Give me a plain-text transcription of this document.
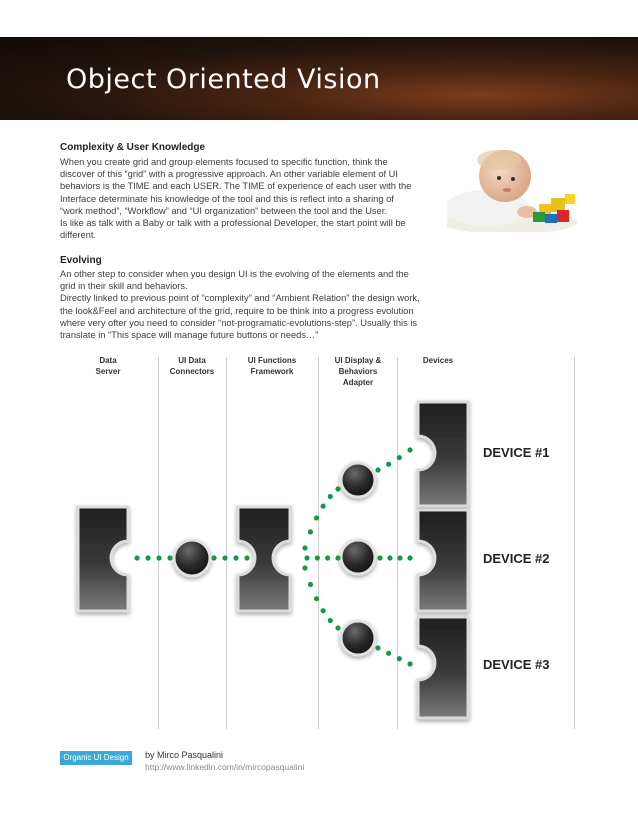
Object Oriented Vision
Complexity & User Knowledge

When you create grid and group elements focused to specific function, think the

discover of this “grid” with a progressive approach. An other variable element of UI

behaviors is the TIME and each USER. The TIME of experience of each user with the

Interface determinate his knowledge of the tool and this is reflect into a sharing of

“work method”, “Workflow” and “UI organization” between the tool and the User.

Is like as talk with a Baby or talk with a professional Developer, the start point will be

different.

Evolving

An other step to consider when you design UI is the evolving of the elements and the

grid in their skill and behaviors.

Directly linked to previous point of “complexity” and “Ambient Relation” the design work,

the look&Feel and architecture of the grid, require to be think into a progress evolution

where very ofter you need to consider “not-programatic-evolutions-step”. Usually this is

translate in “This space will manage future buttons or needs…”

Data
Server
UI Data
Connectors
UI Functions
Framework
UI Display &
Behaviors
Adapter
Devices
DEVICE #1
DEVICE #2
DEVICE #3
Organic UI Design	by Mirco Pasqualini
http://www.linkedin.com/in/mircopasqualini
